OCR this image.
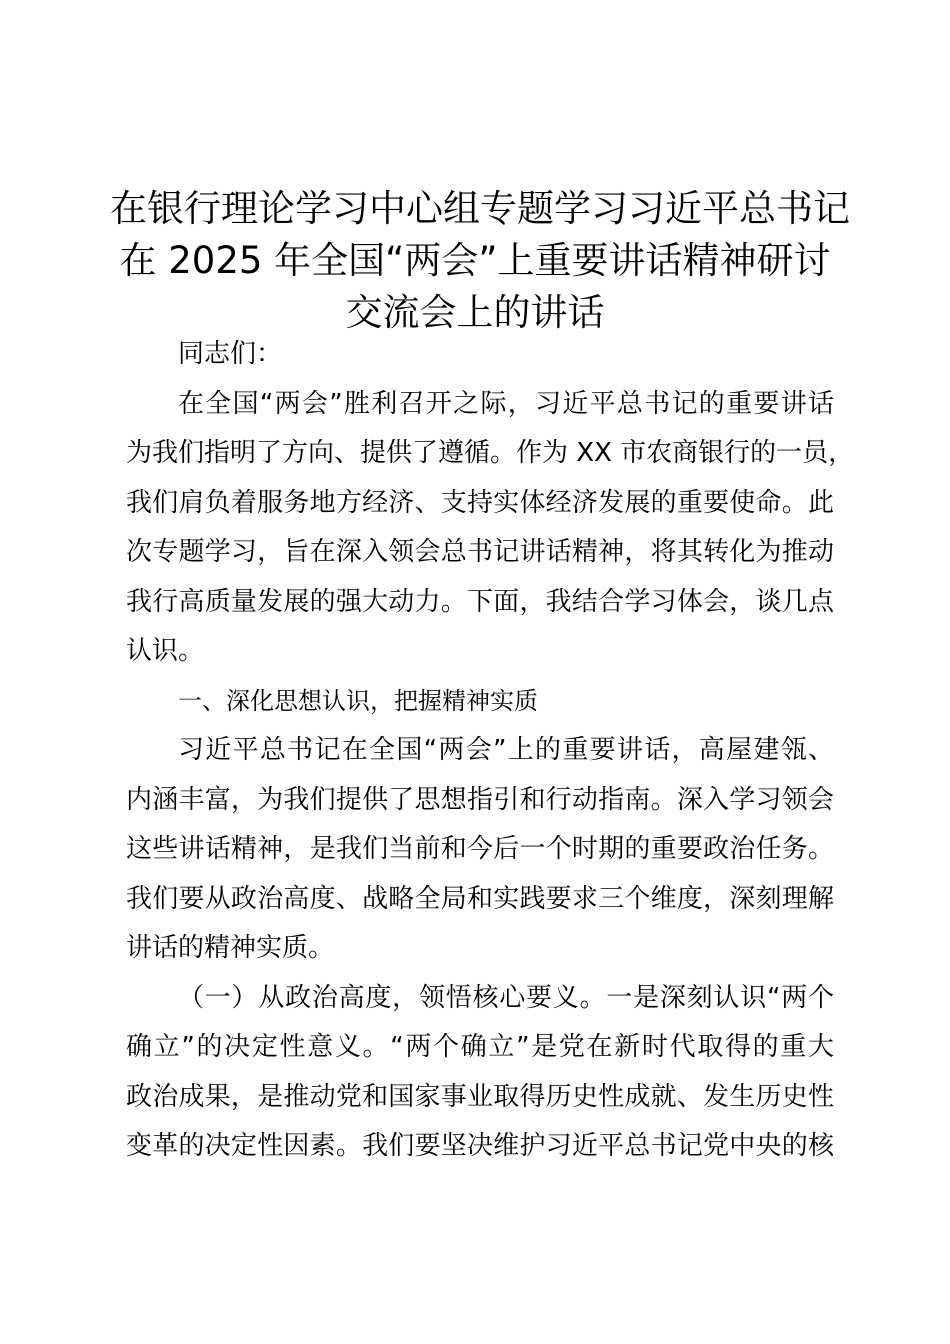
在银行理论学习中心组专题学习习近平总书记
在 2025 年全国“两会”上重要讲话精神研讨
交流会上的讲话
同志们：
在全国“两会”胜利召开之际，习近平总书记的重要讲话
为我们指明了方向、提供了遵循。作为 XX 市农商银行的一员，
我们肩负着服务地方经济、支持实体经济发展的重要使命。此
次专题学习，旨在深入领会总书记讲话精神，将其转化为推动
我行高质量发展的强大动力。下面，我结合学习体会，谈几点
认识。
一、深化思想认识，把握精神实质
习近平总书记在全国“两会”上的重要讲话，高屋建瓴、
内涵丰富，为我们提供了思想指引和行动指南。深入学习领会
这些讲话精神，是我们当前和今后一个时期的重要政治任务。
我们要从政治高度、战略全局和实践要求三个维度，深刻理解
讲话的精神实质。
（一）从政治高度，领悟核心要义。一是深刻认识“两个
确立”的决定性意义。“两个确立”是党在新时代取得的重大
政治成果，是推动党和国家事业取得历史性成就、发生历史性
变革的决定性因素。我们要坚决维护习近平总书记党中央的核
